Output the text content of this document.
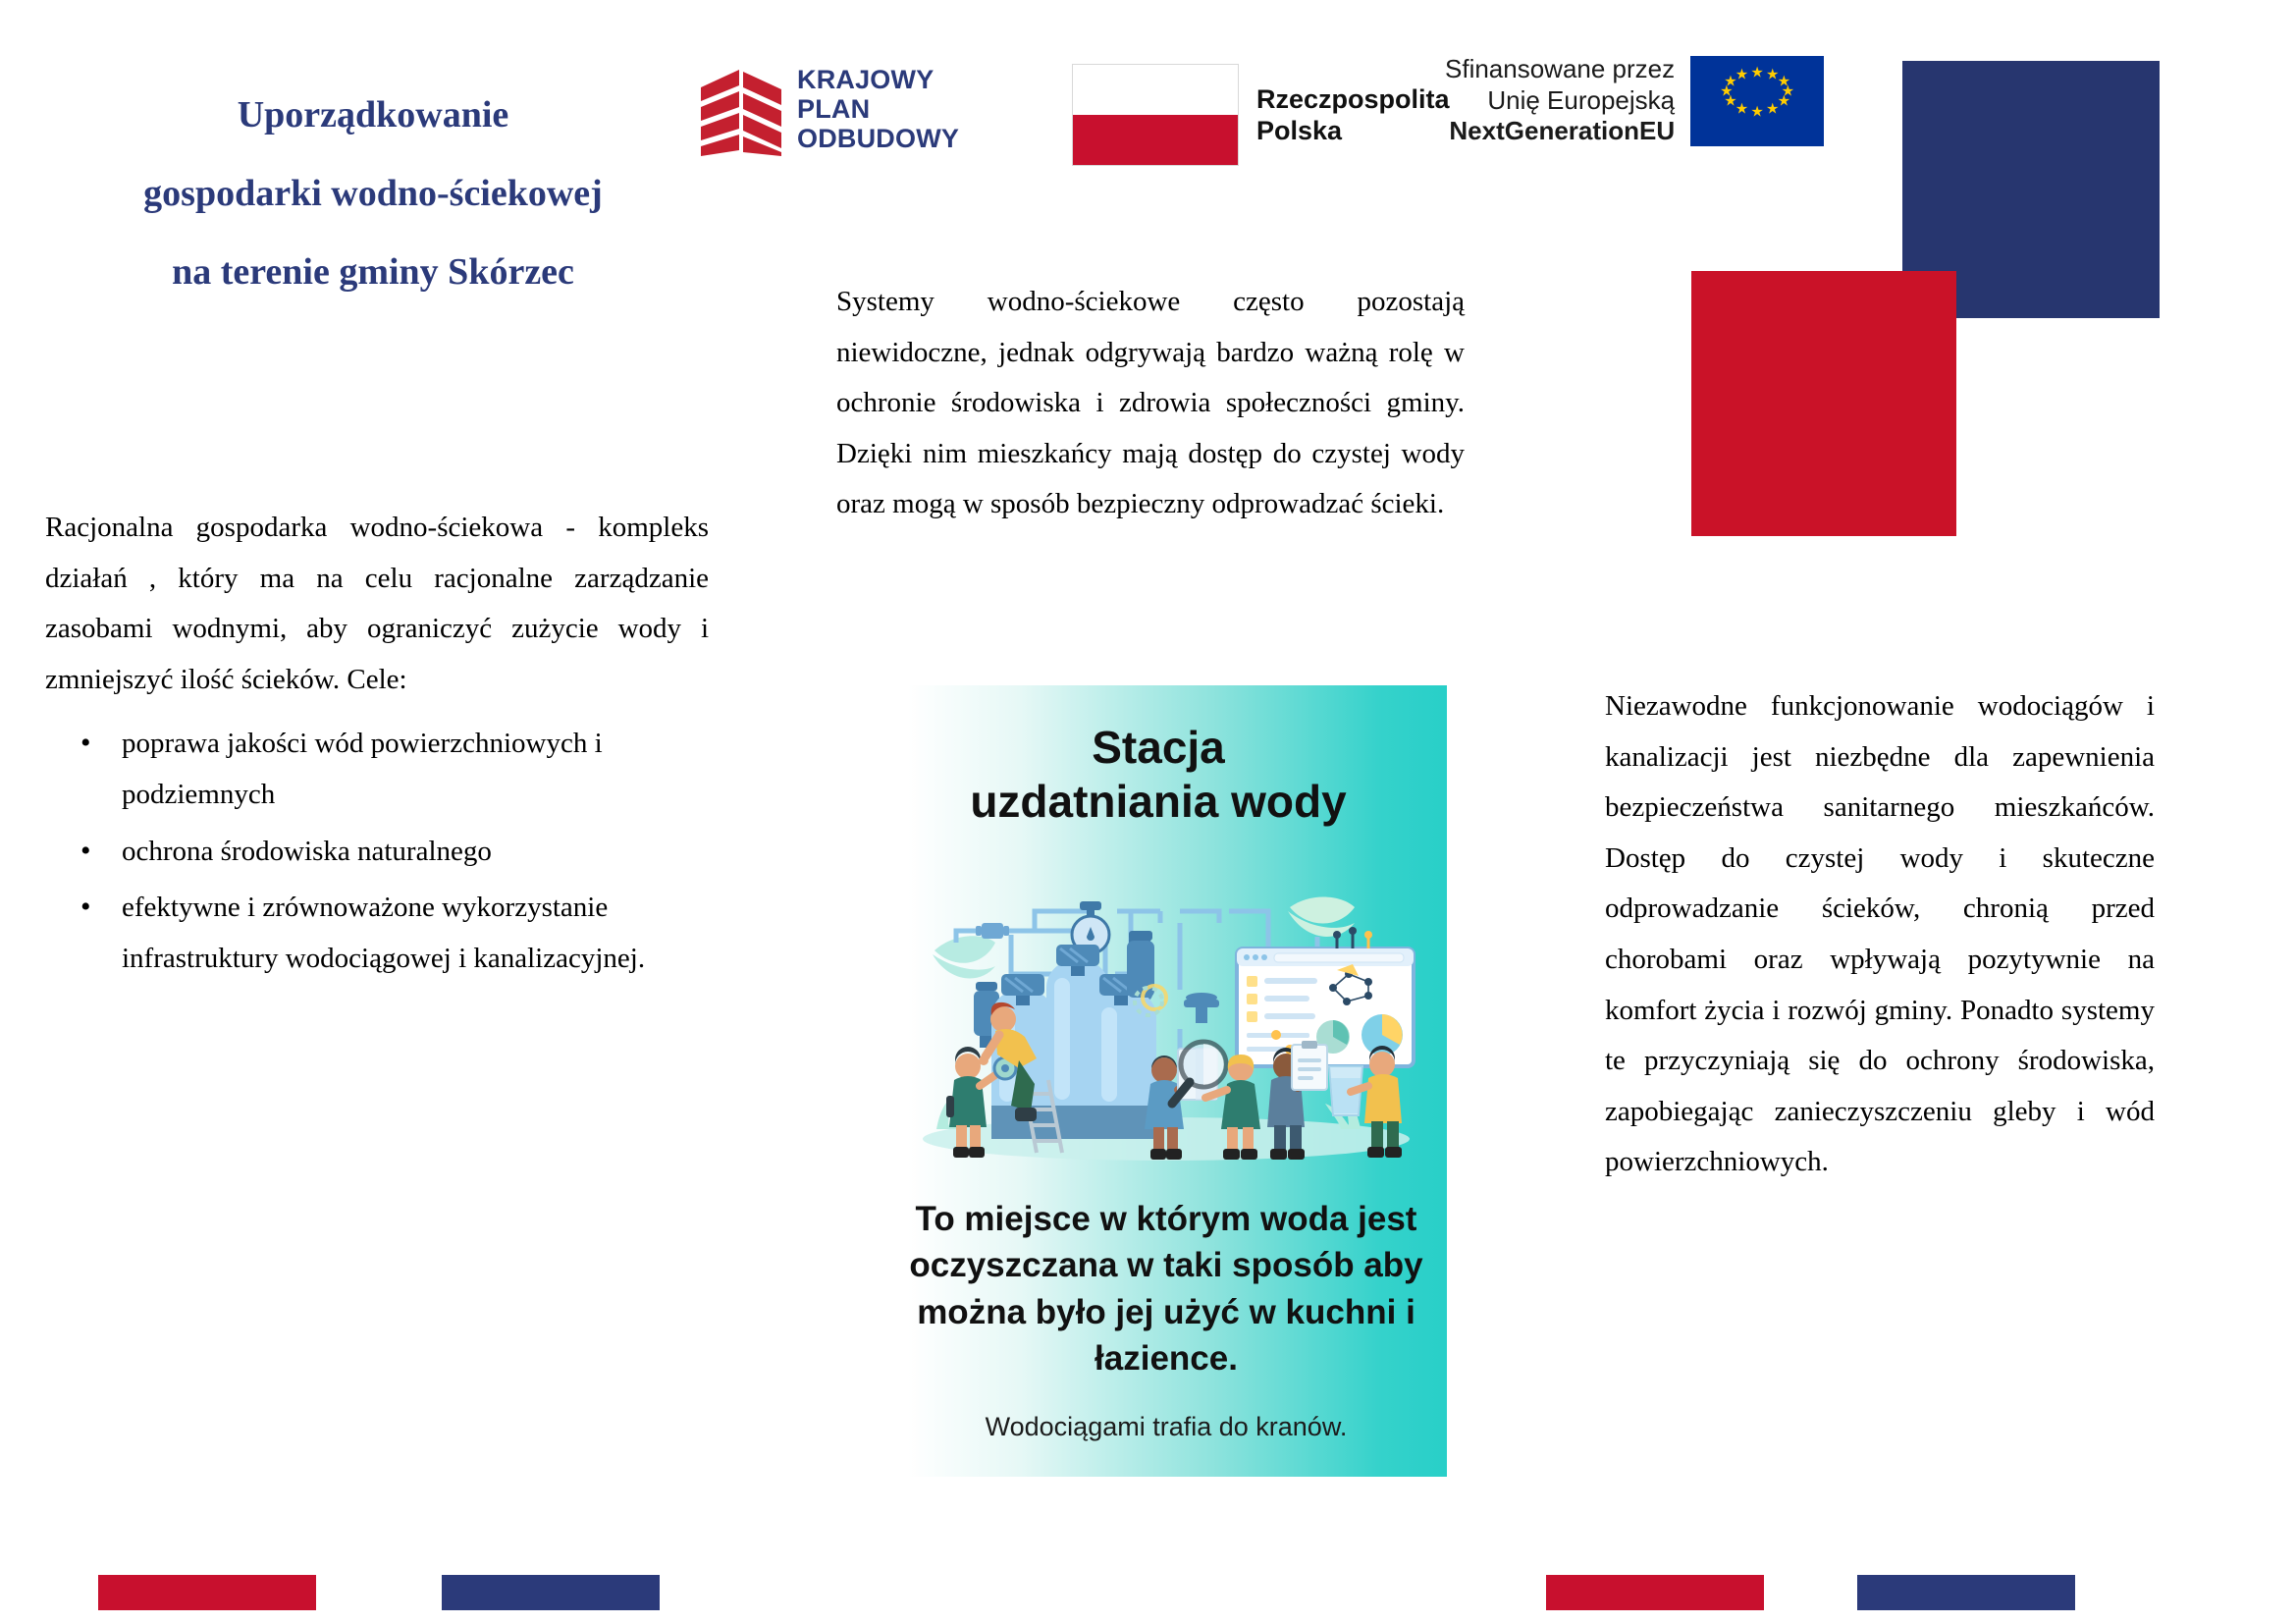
Uporządkowanie
gospodarki wodno-ściekowej
na terenie gminy Skórzec
KRAJOWY
PLAN
ODBUDOWY
Rzeczpospolita
Polska
Sfinansowane przez
Unię Europejską
NextGenerationEU
★ ★
★
★
★
★
★
★
★
★
★
★

Racjonalna gospodarka wodno-ściekowa - kompleks działań , który ma na celu racjonalne zarządzanie zasobami wodnymi, aby ograniczyć zużycie wody i zmniejszyć ilość ścieków. Cele:

• poprawa jakości wód powierzchniowych i podziemnych
• ochrona środowiska naturalnego
• efektywne i zrównoważone wykorzystanie infrastruktury wodociągowej i kanalizacyjnej.
Systemy wodno-ściekowe często pozostają niewidoczne, jednak odgrywają bardzo ważną rolę w ochronie środowiska i zdrowia społeczności gminy. Dzięki nim mieszkańcy mają dostęp do czystej wody oraz mogą w sposób bezpieczny odprowadzać ścieki.
Niezawodne funkcjonowanie wodociągów i kanalizacji jest niezbędne dla zapewnienia bezpieczeństwa sanitarnego mieszkańców. Dostęp do czystej wody i skuteczne odprowadzanie ścieków, chronią przed chorobami oraz wpływają pozytywnie na komfort życia i rozwój gminy. Ponadto systemy te przyczyniają się do ochrony środowiska, zapobiegając zanieczyszczeniu gleby i wód powierzchniowych.
Stacja
uzdatniania wody
To miejsce w którym woda jest
oczyszczana w taki sposób aby
można było jej użyć w kuchni i
łazience.
Wodociągami trafia do kranów.
